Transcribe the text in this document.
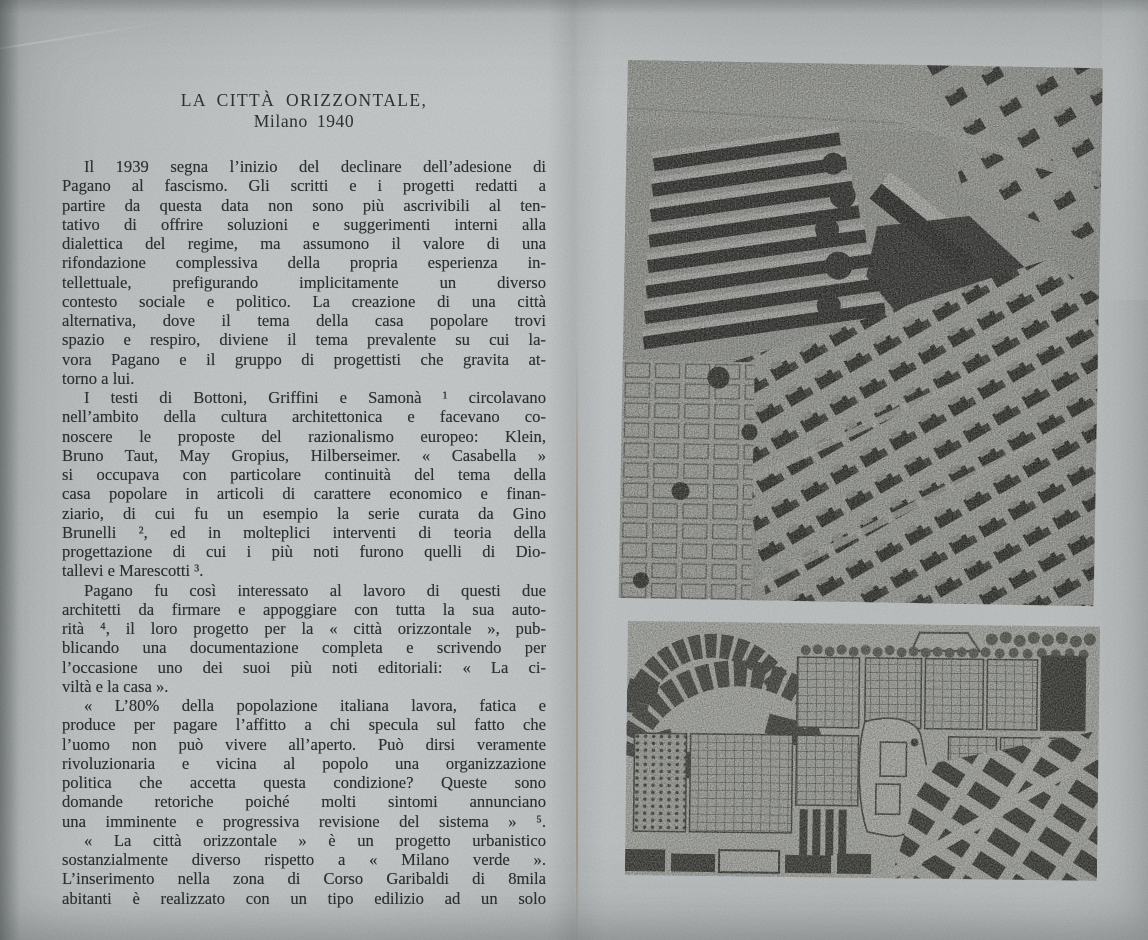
LA CITTÀ ORIZZONTALE,
Milano 1940
Il 1939 segna l’inizio del declinare dell’adesione di
Pagano al fascismo. Gli scritti e i progetti redatti a
partire da questa data non sono più ascrivibili al ten-
tativo di offrire soluzioni e suggerimenti interni alla
dialettica del regime, ma assumono il valore di una
rifondazione complessiva della propria esperienza in-
tellettuale, prefigurando implicitamente un diverso
contesto sociale e politico. La creazione di una città
alternativa, dove il tema della casa popolare trovi
spazio e respiro, diviene il tema prevalente su cui la-
vora Pagano e il gruppo di progettisti che gravita at-
torno a lui.
I testi di Bottoni, Griffini e Samonà ¹ circolavano
nell’ambito della cultura architettonica e facevano co-
noscere le proposte del razionalismo europeo: Klein,
Bruno Taut, May Gropius, Hilberseimer. « Casabella »
si occupava con particolare continuità del tema della
casa popolare in articoli di carattere economico e finan-
ziario, di cui fu un esempio la serie curata da Gino
Brunelli ², ed in molteplici interventi di teoria della
progettazione di cui i più noti furono quelli di Dio-
tallevi e Marescotti ³.
Pagano fu così interessato al lavoro di questi due
architetti da firmare e appoggiare con tutta la sua auto-
rità ⁴, il loro progetto per la « città orizzontale », pub-
blicando una documentazione completa e scrivendo per
l’occasione uno dei suoi più noti editoriali: « La ci-
viltà e la casa ».
« L’80% della popolazione italiana lavora, fatica e
produce per pagare l’affitto a chi specula sul fatto che
l’uomo non può vivere all’aperto. Può dirsi veramente
rivoluzionaria e vicina al popolo una organizzazione
politica che accetta questa condizione? Queste sono
domande retoriche poiché molti sintomi annunciano
una imminente e progressiva revisione del sistema » ⁵.
« La città orizzontale » è un progetto urbanistico
sostanzialmente diverso rispetto a « Milano verde ».
L’inserimento nella zona di Corso Garibaldi di 8mila
abitanti è realizzato con un tipo edilizio ad un solo
